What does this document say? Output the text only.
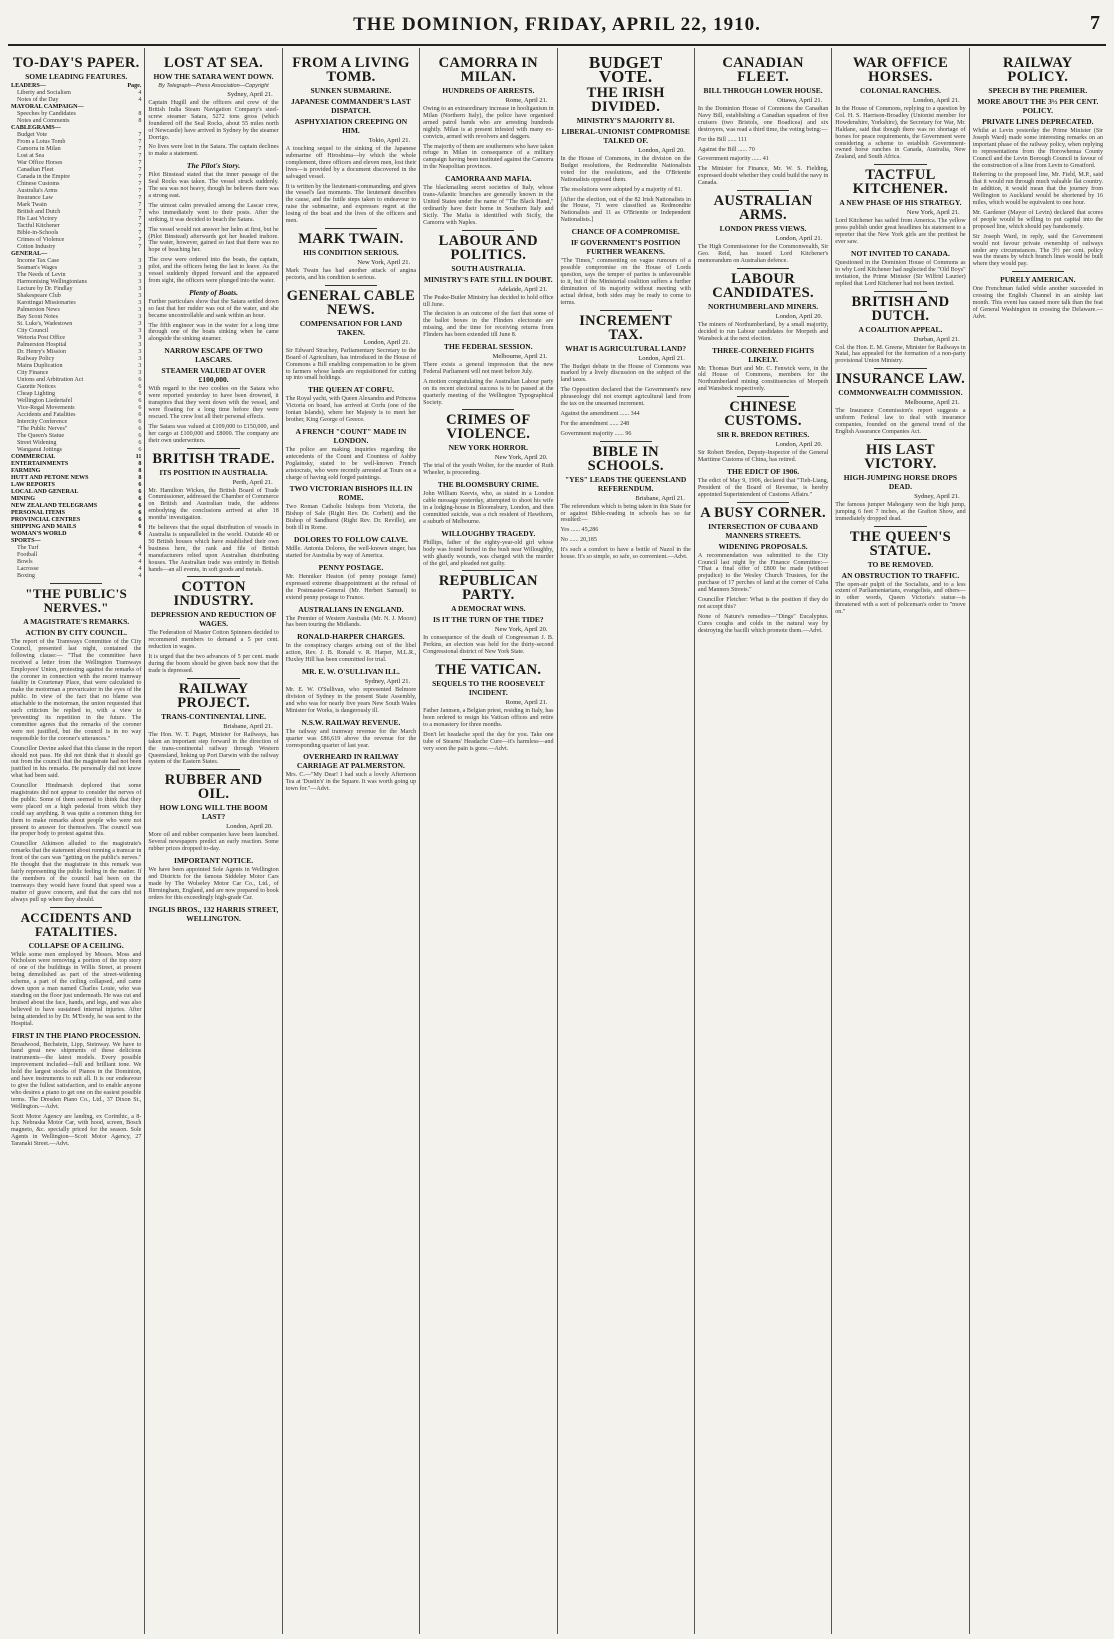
THE DOMINION, FRIDAY, APRIL 22, 1910.	7
TO-DAY'S PAPER.
SOME LEADING FEATURES.
LEADERS—	Page.
Liberty and Socialism	4
Notes of the Day	4
MAYORAL CAMPAIGN—
Speeches by Candidates	8
Notes and Comments	8
CABLEGRAMS—
Budget Vote	7
From a Lotus Tomb	7
Camorra in Milan	7
Lost at Sea	7
War Office Horses	7
Canadian Fleet	7
Canada in the Empire	7
Chinese Customs	7
Australia's Arms	7
Insurance Law	7
Mark Twain	7
British and Dutch	7
His Last Victory	7
Tactful Kitchener	7
Bible-in-Schools	7
Crimes of Violence	7
Cotton Industry	7
GENERAL—
Income Tax Case	3
Seaman's Wages	3
The Needs of Levin	3
Harmonising Wellingtonians	3
Lecture by Dr. Findlay	3
Shakespeare Club	3
Karotingai Missionaries	3
Palmerston News	3
Bay Scout Notes	3
St. Luke's, Wadestown	3
City Council	3
Wetoria Post Office	3
Palmerston Hospital	3
Dr. Henry's Mission	3
Railway Policy	3
Mains Duplication	3
City Finance	3
Unions and Arbitration Act	6
Gazette Notices	6
Cheap Lighting	6
Wellington Liedertafel	6
Vice-Regal Movements	6
Accidents and Fatalities	6
Intercity Conference	6
"The Public Nerves"	6
The Queen's Statue	6
Street Widening	6
Wanganui Jottings	6
COMMERCIAL	11
ENTERTAINMENTS	8
FARMING	8
HUTT AND PETONE NEWS	8
LAW REPORTS	6
LOCAL AND GENERAL	6
MINING	6
NEW ZEALAND TELEGRAMS	6
PERSONAL ITEMS	6
PROVINCIAL CENTRES	6
SHIPPING AND MAILS	6
WOMAN'S WORLD	6
SPORTS—
The Turf	4
Football	4
Bowls	4
Lacrosse	4
Boxing	4
"THE PUBLIC'S NERVES."
A MAGISTRATE'S REMARKS.
ACTION BY CITY COUNCIL.

The report of the Tramways Committee of the City Council, presented last night, contained the following clause:— "That the committee have received a letter from the Wellington Tramways Employees' Union, protesting against the remarks of the coroner in connection with the recent tramway fatality in Courtenay Place, that were calculated to make the motorman a prevaricator in the eyes of the public. In view of the fact that no blame was attachable to the motorman, the union requested that such criticism be replied to, with a view to 'preventing' its repetition in the future. The committee agrees that the remarks of the coroner were not justified, but the council is in no way responsible for the coroner's utterances."

Councillor Devine asked that this clause in the report should not pass. He did not think that it should go out from the council that the magistrate had not been justified in his remarks. He personally did not know what had been said.

Councillor Hindmarsh deplored that some magistrates did not appear to consider the nerves of the public. Some of them seemed to think that they were placed on a high pedestal from which they could say anything. It was quite a common thing for them to make remarks about people who were not present to answer for themselves. The council was the proper body to protest against this.

Councillor Atkinson alluded to the magistrate's remarks that the statement about running a tramcar in front of the cars was "getting on the public's nerves." He thought that the magistrate in this remark was fairly representing the public feeling in the matter. If the members of the council had been on the tramways they would have found that speed was a matter of grave concern, and that the cars did not always pull up where they should.

ACCIDENTS AND FATALITIES.
COLLAPSE OF A CEILING.

While some men employed by Messrs. Moss and Nicholson were removing a portion of the top story of one of the buildings in Willis Street, at present being demolished as part of the street-widening scheme, a part of the ceiling collapsed, and came down upon a man named Charles Louie, who was standing on the floor just underneath. He was cut and bruised about the face, hands, and legs, and was also believed to have sustained internal injuries. After being attended to by Dr. M'Evedy, he was sent to the Hospital.

FIRST IN THE PIANO PROCESSION.

Broadwood, Bechstein, Lipp, Steinway. We have to hand great new shipments of these delicious instruments—the latest models. Every possible improvement included—full and brilliant tone. We hold the largest stocks of Pianos in the Dominion, and have instruments to suit all. It is our endeavour to give the fullest satisfaction, and to enable anyone who desires a piano to get one on the easiest possible terms. The Dresden Piano Co., Ltd., 37 Dixon St., Wellington.—Advt.

Scott Motor Agency are landing, ex Corinthic, a 8-h.p. Nebraska Motor Car, with hood, screen, Bosch magneto, &c. specially priced for the season. Sole Agents in Wellington—Scott Motor Agency, 27 Taranaki Street.—Advt.

LOST AT SEA.
HOW THE SATARA WENT DOWN.
By Telegraph—Press Association—Copyright
Sydney, April 21.

Captain Hugill and the officers and crew of the British India Steam Navigation Company's steel-screw steamer Satara, 5272 tons gross (which foundered off the Seal Rocks, about 55 miles north of Newcastle) have arrived in Sydney by the steamer Dorrigo.

No lives were lost in the Satara. The captain declines to make a statement.

The Pilot's Story.

Pilot Binstead stated that the inner passage of the Seal Rocks was taken. The vessel struck suddenly. The sea was not heavy, though he believes there was a strong east.

The utmost calm prevailed among the Lascar crew, who immediately went to their posts. After the striking, it was decided to beach the Satara.

The vessel would not answer her helm at first, but he (Pilot Binstead) afterwards got her headed inshore. The water, however, gained so fast that there was no hope of beaching her.

The crew were ordered into the boats, the captain, pilot, and the officers being the last to leave. As the vessel suddenly dipped forward and the appeared from sight, the officers were plunged into the water.

Plenty of Boats.

Further particulars show that the Satara settled down so fast that her rudder was out of the water, and she became uncontrollable and sank within an hour.

The fifth engineer was in the water for a long time through one of the boats sinking when he came alongside the sinking steamer.

NARROW ESCAPE OF TWO LASCARS.
STEAMER VALUED AT OVER £100,000.

With regard to the two coolies on the Satara who were reported yesterday to have been drowned, it transpires that they went down with the vessel, and were floating for a long time before they were rescued. The crew lost all their personal effects.

The Satara was valued at £109,000 to £150,000, and her cargo at £100,000 and £8000. The company are their own underwriters.

BRITISH TRADE.
ITS POSITION IN AUSTRALIA.
Perth, April 21.

Mr. Hamilton Wickes, the British Board of Trade Commissioner, addressed the Chamber of Commerce on British and Australian trade, the address embodying the conclusions arrived at after 18 months' investigation.

He believes that the equal distribution of vessels in Australia is unparalleled in the world. Outside 40 or 50 British houses which have established their own business here, the rank and file of British manufacturers relied upon Australian distributing houses. The Australian trade was entirely in British hands—an all events, in soft goods and metals.

COTTON INDUSTRY.
DEPRESSION AND REDUCTION OF WAGES.

The Federation of Master Cotton Spinners decided to recommend members to demand a 5 per cent. reduction in wages.

It is urged that the two advances of 5 per cent. made during the boom should be given back now that the trade is depressed.

RAILWAY PROJECT.
TRANS-CONTINENTAL LINE.
Brisbane, April 21.

The Hon. W. T. Paget, Minister for Railways, has taken an important step forward in the direction of the trans-continental railway through Western Queensland, linking up Port Darwin with the railway system of the Eastern States.

RUBBER AND OIL.
HOW LONG WILL THE BOOM LAST?
London, April 20.

More oil and rubber companies have been launched. Several newspapers predict an early reaction. Some rubber prices dropped to-day.

IMPORTANT NOTICE.

We have been appointed Sole Agents in Wellington and Districts for the famous Siddeley Motor Cars made by The Wolseley Motor Car Co., Ltd., of Birmingham, England, and are now prepared to book orders for this exceedingly high-grade Car.

INGLIS BROS., 132 HARRIS STREET, WELLINGTON.
FROM A LIVING TOMB.
SUNKEN SUBMARINE.
JAPANESE COMMANDER'S LAST DISPATCH.
ASPHYXIATION CREEPING ON HIM.
Tokio, April 21.

A touching sequel to the sinking of the Japanese submarine off Hiroshima—by which the whole complement, three officers and eleven men, lost their lives—is provided by a document discovered in the salvaged vessel.

It is written by the lieutenant-commanding, and gives the vessel's last moments. The lieutenant describes the cause, and the futile steps taken to endeavour to raise the submarine, and expresses regret at the losing of the boat and the lives of the officers and men.

MARK TWAIN.
HIS CONDITION SERIOUS.
New York, April 21.

Mark Twain has had another attack of angina pectoris, and his condition is serious.

GENERAL CABLE NEWS.
COMPENSATION FOR LAND TAKEN.
London, April 21.

Sir Edward Strachey, Parliamentary Secretary to the Board of Agriculture, has introduced in the House of Commons a Bill enabling compensation to be given to farmers whose lands are requisitioned for cutting up into small holdings.

THE QUEEN AT CORFU.

The Royal yacht, with Queen Alexandra and Princess Victoria on board, has arrived at Corfu (one of the Ionian Islands), where her Majesty is to meet her brother, King George of Greece.

A FRENCH "COUNT" MADE IN LONDON.

The police are making inquiries regarding the antecedents of the Count and Countess of Ashby Poglainsky, stated to be well-known French aristocrats, who were recently arrested at Tours on a charge of having sold forged paintings.

TWO VICTORIAN BISHOPS ILL IN ROME.

Two Roman Catholic bishops from Victoria, the Bishop of Sale (Right Rev. Dr. Corbett) and the Bishop of Sandhurst (Right Rev. Dr. Reville), are both ill in Rome.

DOLORES TO FOLLOW CALVE.

Mdlle. Antonia Dolores, the well-known singer, has started for Australia by way of America.

PENNY POSTAGE.

Mr. Henniker Heaton (of penny postage fame) expressed extreme disappointment at the refusal of the Postmaster-General (Mr. Herbert Samuel) to extend penny postage to France.

AUSTRALIANS IN ENGLAND.

The Premier of Western Australia (Mr. N. J. Moore) has been touring the Midlands.

RONALD-HARPER CHARGES.

In the conspiracy charges arising out of the libel action, Rev. J. B. Ronald v. R. Harper, M.L.R., Huxley Hill has been committed for trial.

MR. E. W. O'SULLIVAN ILL.
Sydney, April 21.

Mr. E. W. O'Sullivan, who represented Belmore division of Sydney in the present State Assembly, and who was for nearly five years New South Wales Minister for Works, is dangerously ill.

N.S.W. RAILWAY REVENUE.

The railway and tramway revenue for the March quarter was £86,619 above the revenue for the corresponding quarter of last year.

OVERHEARD IN RAILWAY CARRIAGE AT PALMERSTON.

Mrs. C.—"My Dear! I had such a lovely Afternoon Tea at 'Dustin's' in the Square. It was worth going up town for."—Advt.

CAMORRA IN MILAN.
HUNDREDS OF ARRESTS.
Rome, April 21.

Owing to an extraordinary increase in hooliganism in Milan (Northern Italy), the police have organised armed patrol bands who are arresting hundreds nightly. Milan is at present infested with many ex-convicts, armed with revolvers and daggers.

The majority of them are southerners who have taken refuge in Milan in consequence of a military campaign having been instituted against the Camorra in the Neapolitan provinces.

CAMORRA AND MAFIA.

The blackmailing secret societies of Italy, whose trans-Atlantic branches are generally known in the United States under the name of "The Black Hand," ordinarily have their home in Southern Italy and Sicily. The Mafia is identified with Sicily, the Camorra with Naples.

LABOUR AND POLITICS.
SOUTH AUSTRALIA.
MINISTRY'S FATE STILL IN DOUBT.
Adelaide, April 21.

The Peake-Butler Ministry has decided to hold office till June.

The decision is an outcome of the fact that some of the ballot boxes in the Flinders electorate are missing, and the time for receiving returns from Flinders has been extended till June 8.

THE FEDERAL SESSION.
Melbourne, April 21.

There exists a general impression that the new Federal Parliament will not meet before July.

A motion congratulating the Australian Labour party on its recent electoral success is to be passed at the quarterly meeting of the Wellington Typographical Society.

CRIMES OF VIOLENCE.
NEW YORK HORROR.
New York, April 20.

The trial of the youth Wolter, for the murder of Ruth Wheeler, is proceeding.

THE BLOOMSBURY CRIME.

John William Keevis, who, as stated in a London cable message yesterday, attempted to shoot his wife in a lodging-house in Bloomsbury, London, and then committed suicide, was a rich resident of Hawthorn, a suburb of Melbourne.

WILLOUGHBY TRAGEDY.

Phillips, father of the eighty-year-old girl whose body was found buried in the bush near Willoughby, with ghastly wounds, was charged with the murder of the girl, and pleaded not guilty.

REPUBLICAN PARTY.
A DEMOCRAT WINS.
IS IT THE TURN OF THE TIDE?
New York, April 20.

In consequence of the death of Congressman J. B. Perkins, an election was held for the thirty-second Congressional district of New York State.

THE VATICAN.
SEQUELS TO THE ROOSEVELT INCIDENT.
Rome, April 21.

Father Jannsen, a Belgian priest, residing in Italy, has been ordered to resign his Vatican offices and retire to a monastery for three months.

Don't let headache spoil the day for you. Take one tube of Stearns' Headache Cure—it's harmless—and very soon the pain is gone.—Advt.

BUDGET VOTE.
THE IRISH DIVIDED.
MINISTRY'S MAJORITY 81.
LIBERAL-UNIONIST COMPROMISE TALKED OF.
London, April 20.

In the House of Commons, in the division on the Budget resolutions, the Redmondite Nationalists voted for the resolutions, and the O'Brienite Nationalists opposed them.

The resolutions were adopted by a majority of 81.

[After the election, out of the 82 Irish Nationalists in the House, 71 were classified as Redmondite Nationalists and 11 as O'Brienite or Independent Nationalists.]

CHANCE OF A COMPROMISE.
IF GOVERNMENT'S POSITION FURTHER WEAKENS.

"The Times," commenting on vague rumours of a possible compromise on the House of Lords question, says the temper of parties is unfavourable to it, but if the Ministerial coalition suffers a further diminution of its majority without meeting with actual defeat, both sides may be ready to come to terms.

INCREMENT TAX.
WHAT IS AGRICULTURAL LAND?
London, April 21.

The Budget debate in the House of Commons was marked by a lively discussion on the subject of the land taxes.

The Opposition declared that the Government's new phraseology did not exempt agricultural land from the tax on the unearned increment.

Against the amendment ...... 344

For the amendment ...... 248

Government majority ...... 96

BIBLE IN SCHOOLS.
"YES" LEADS THE QUEENSLAND REFERENDUM.
Brisbane, April 21.

The referendum which is being taken in this State for or against Bible-reading in schools has so far resulted:—

Yes ...... 45,286

No ...... 20,185

It's such a comfort to have a bottle of Nazol in the house. It's so simple, so safe, so convenient.—Advt.

CANADIAN FLEET.
BILL THROUGH LOWER HOUSE.
Ottawa, April 21.

In the Dominion House of Commons the Canadian Navy Bill, establishing a Canadian squadron of five cruisers (two Bristols, one Boadicea) and six destroyers, was read a third time, the voting being:—

For the Bill ...... 111

Against the Bill ...... 70

Government majority ...... 41

The Minister for Finance, Mr. W. S. Fielding, expressed doubt whether they could build the navy in Canada.

AUSTRALIAN ARMS.
LONDON PRESS VIEWS.
London, April 21.

The High Commissioner for the Commonwealth, Sir Geo. Reid, has issued Lord Kitchener's memorandum on Australian defence.

LABOUR CANDIDATES.
NORTHUMBERLAND MINERS.
London, April 20.

The miners of Northumberland, by a small majority, decided to run Labour candidates for Morpeth and Wansbeck at the next election.

THREE-CORNERED FIGHTS LIKELY.

Mr. Thomas Burt and Mr. C. Fenwick were, in the old House of Commons, members for the Northumberland mining constituencies of Morpeth and Wansbeck respectively.

CHINESE CUSTOMS.
SIR R. BREDON RETIRES.
London, April 20.

Sir Robert Bredon, Deputy-Inspector of the General Maritime Customs of China, has retired.

THE EDICT OF 1906.

The edict of May 9, 1906, declared that "Tieh-Liang, President of the Board of Revenue, is hereby appointed Superintendent of Customs Affairs."

A BUSY CORNER.
INTERSECTION OF CUBA AND MANNERS STREETS.
WIDENING PROPOSALS.

A recommendation was submitted to the City Council last night by the Finance Committee:— "That a final offer of £800 be made (without prejudice) to the Wesley Church Trustees, for the purchase of 17 perches of land at the corner of Cuba and Manners Streets."

Councillor Fletcher: What is the position if they do not accept this?

None of Nature's remedies—"Dings" Eucalyptus. Cures coughs and colds in the natural way by destroying the bacilli which promote them.—Advt.

WAR OFFICE HORSES.
COLONIAL RANCHES.
London, April 21.

In the House of Commons, replying to a question by Col. H. S. Harrison-Broadley (Unionist member for Howdenshire, Yorkshire), the Secretary for War, Mr. Haldane, said that though there was no shortage of horses for peace requirements, the Government were considering a scheme to establish Government-owned horse ranches in Canada, Australia, New Zealand, and South Africa.

TACTFUL KITCHENER.
A NEW PHASE OF HIS STRATEGY.
New York, April 21.

Lord Kitchener has sailed from America. The yellow press publish under great headlines his statement to a reporter that the New York girls are the prettiest he ever saw.

NOT INVITED TO CANADA.

Questioned in the Dominion House of Commons as to why Lord Kitchener had neglected the "Old Boys" invitation, the Prime Minister (Sir Wilfrid Laurier) replied that Lord Kitchener had not been invited.

BRITISH AND DUTCH.
A COALITION APPEAL.
Durban, April 21.

Col. the Hon. E. M. Greene, Minister for Railways in Natal, has appealed for the formation of a non-party provisional Union Ministry.

INSURANCE LAW.
COMMONWEALTH COMMISSION.
Melbourne, April 21.

The Insurance Commission's report suggests a uniform Federal law to deal with insurance companies, founded on the general trend of the English Assurance Companies Act.

HIS LAST VICTORY.
HIGH-JUMPING HORSE DROPS DEAD.
Sydney, April 21.

The famous jumper Mahogany won the high jump, jumping 6 feet 7 inches, at the Grafton Show, and immediately dropped dead.

THE QUEEN'S STATUE.
TO BE REMOVED.
AN OBSTRUCTION TO TRAFFIC.

The open-air pulpit of the Socialists, and to a less extent of Parliamentarians, evangelists, and others—in other words, Queen Victoria's statue—is threatened with a sort of policeman's order to "move on."

RAILWAY POLICY.
SPEECH BY THE PREMIER.
MORE ABOUT THE 3½ PER CENT. POLICY.
PRIVATE LINES DEPRECATED.

Whilst at Levin yesterday the Prime Minister (Sir Joseph Ward) made some interesting remarks on an important phase of the railway policy, when replying to representations from the Horowhenua County Council and the Levin Borough Council in favour of the construction of a line from Levin to Greatford.

Referring to the proposed line, Mr. Field, M.P., said that it would run through much valuable flat country. In addition, it would mean that the journey from Wellington to Auckland would be shortened by 16 miles, which would be equivalent to one hour.

Mr. Gardener (Mayor of Levin) declared that scores of people would be willing to put capital into the proposed line, which should pay handsomely.

Sir Joseph Ward, in reply, said the Government would not favour private ownership of railways under any circumstances. The 3½ per cent. policy was the means by which branch lines would be built where they would pay.

PURELY AMERICAN.

One Frenchman failed while another succeeded in crossing the English Channel in an airship last month. This event has caused more talk than the feat of General Washington in crossing the Delaware.—Advt.
